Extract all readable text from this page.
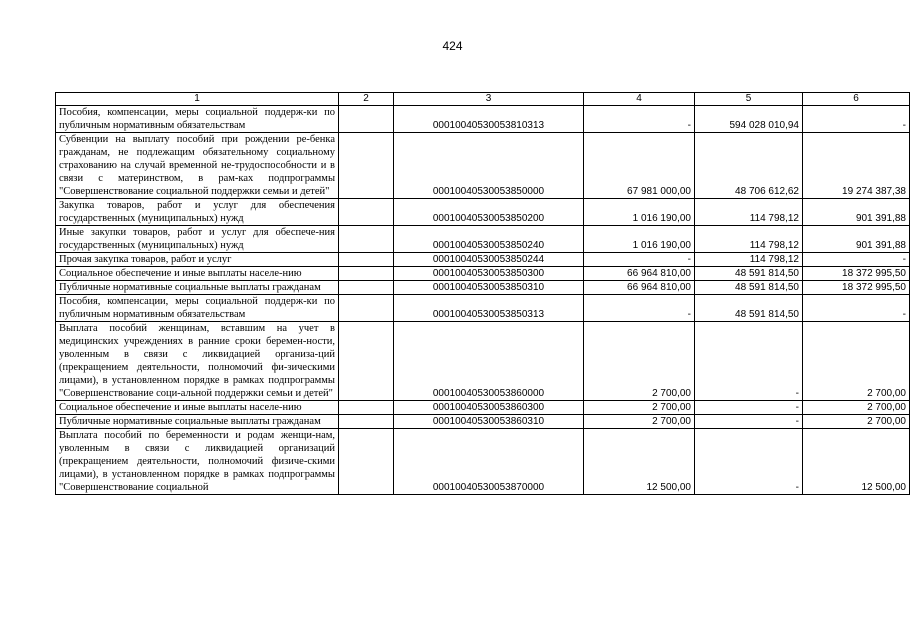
424
1	2	3	4	5	6
Пособия, компенсации, меры социальной поддерж-ки по публичным нормативным обязательствам		00010040530053810313	-	594 028 010,94	-
Субвенции на выплату пособий при рождении ре-бенка гражданам, не подлежащим обязательному социальному страхованию на случай временной не-трудоспособности и в связи с материнством, в рам-ках подпрограммы "Совершенствование социальной поддержки семьи и детей"		00010040530053850000	67 981 000,00	48 706 612,62	19 274 387,38
Закупка товаров, работ и услуг для обеспечения государственных (муниципальных) нужд		00010040530053850200	1 016 190,00	114 798,12	901 391,88
Иные закупки товаров, работ и услуг для обеспече-ния государственных (муниципальных) нужд		00010040530053850240	1 016 190,00	114 798,12	901 391,88
Прочая закупка товаров, работ и услуг		00010040530053850244	-	114 798,12	-
Социальное обеспечение и иные выплаты населе-нию		00010040530053850300	66 964 810,00	48 591 814,50	18 372 995,50
Публичные нормативные социальные выплаты гражданам		00010040530053850310	66 964 810,00	48 591 814,50	18 372 995,50
Пособия, компенсации, меры социальной поддерж-ки по публичным нормативным обязательствам		00010040530053850313	-	48 591 814,50	-
Выплата пособий женщинам, вставшим на учет в медицинских учреждениях в ранние сроки беремен-ности, уволенным в связи с ликвидацией организа-ций (прекращением деятельности, полномочий фи-зическими лицами), в установленном порядке в рамках подпрограммы "Совершенствование соци-альной поддержки семьи и детей"		00010040530053860000	2 700,00	-	2 700,00
Социальное обеспечение и иные выплаты населе-нию		00010040530053860300	2 700,00	-	2 700,00
Публичные нормативные социальные выплаты гражданам		00010040530053860310	2 700,00	-	2 700,00
Выплата пособий по беременности и родам женщи-нам, уволенным в связи с ликвидацией организаций (прекращением деятельности, полномочий физиче-скими лицами), в установленном порядке в рамках подпрограммы "Совершенствование социальной		00010040530053870000	12 500,00	-	12 500,00
